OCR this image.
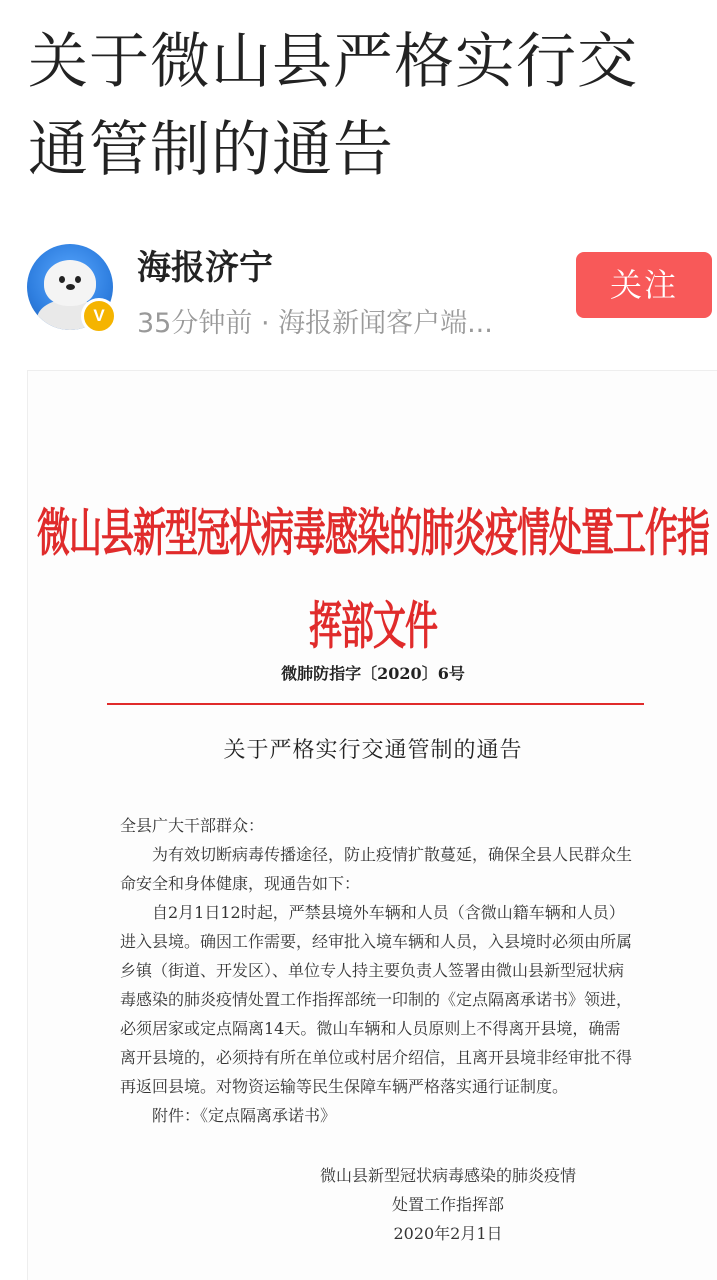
关于微山县严格实行交通管制的通告
V
海报济宁
35分钟前 · 海报新闻客户端...
关注
微山县新型冠状病毒感染的肺炎疫情处置工作指挥部文件
微肺防指字〔2020〕6号
关于严格实行交通管制的通告

全县广大干部群众：

为有效切断病毒传播途径，防止疫情扩散蔓延，确保全县人民群众生命安全和身体健康，现通告如下：

自2月1日12时起，严禁县境外车辆和人员（含微山籍车辆和人员）进入县境。确因工作需要，经审批入境车辆和人员，入县境时必须由所属乡镇（街道、开发区）、单位专人持主要负责人签署由微山县新型冠状病毒感染的肺炎疫情处置工作指挥部统一印制的《定点隔离承诺书》领进，必须居家或定点隔离14天。微山车辆和人员原则上不得离开县境，确需离开县境的，必须持有所在单位或村居介绍信，且离开县境非经审批不得再返回县境。对物资运输等民生保障车辆严格落实通行证制度。

附件：《定点隔离承诺书》

微山县新型冠状病毒感染的肺炎疫情

处置工作指挥部

2020年2月1日
